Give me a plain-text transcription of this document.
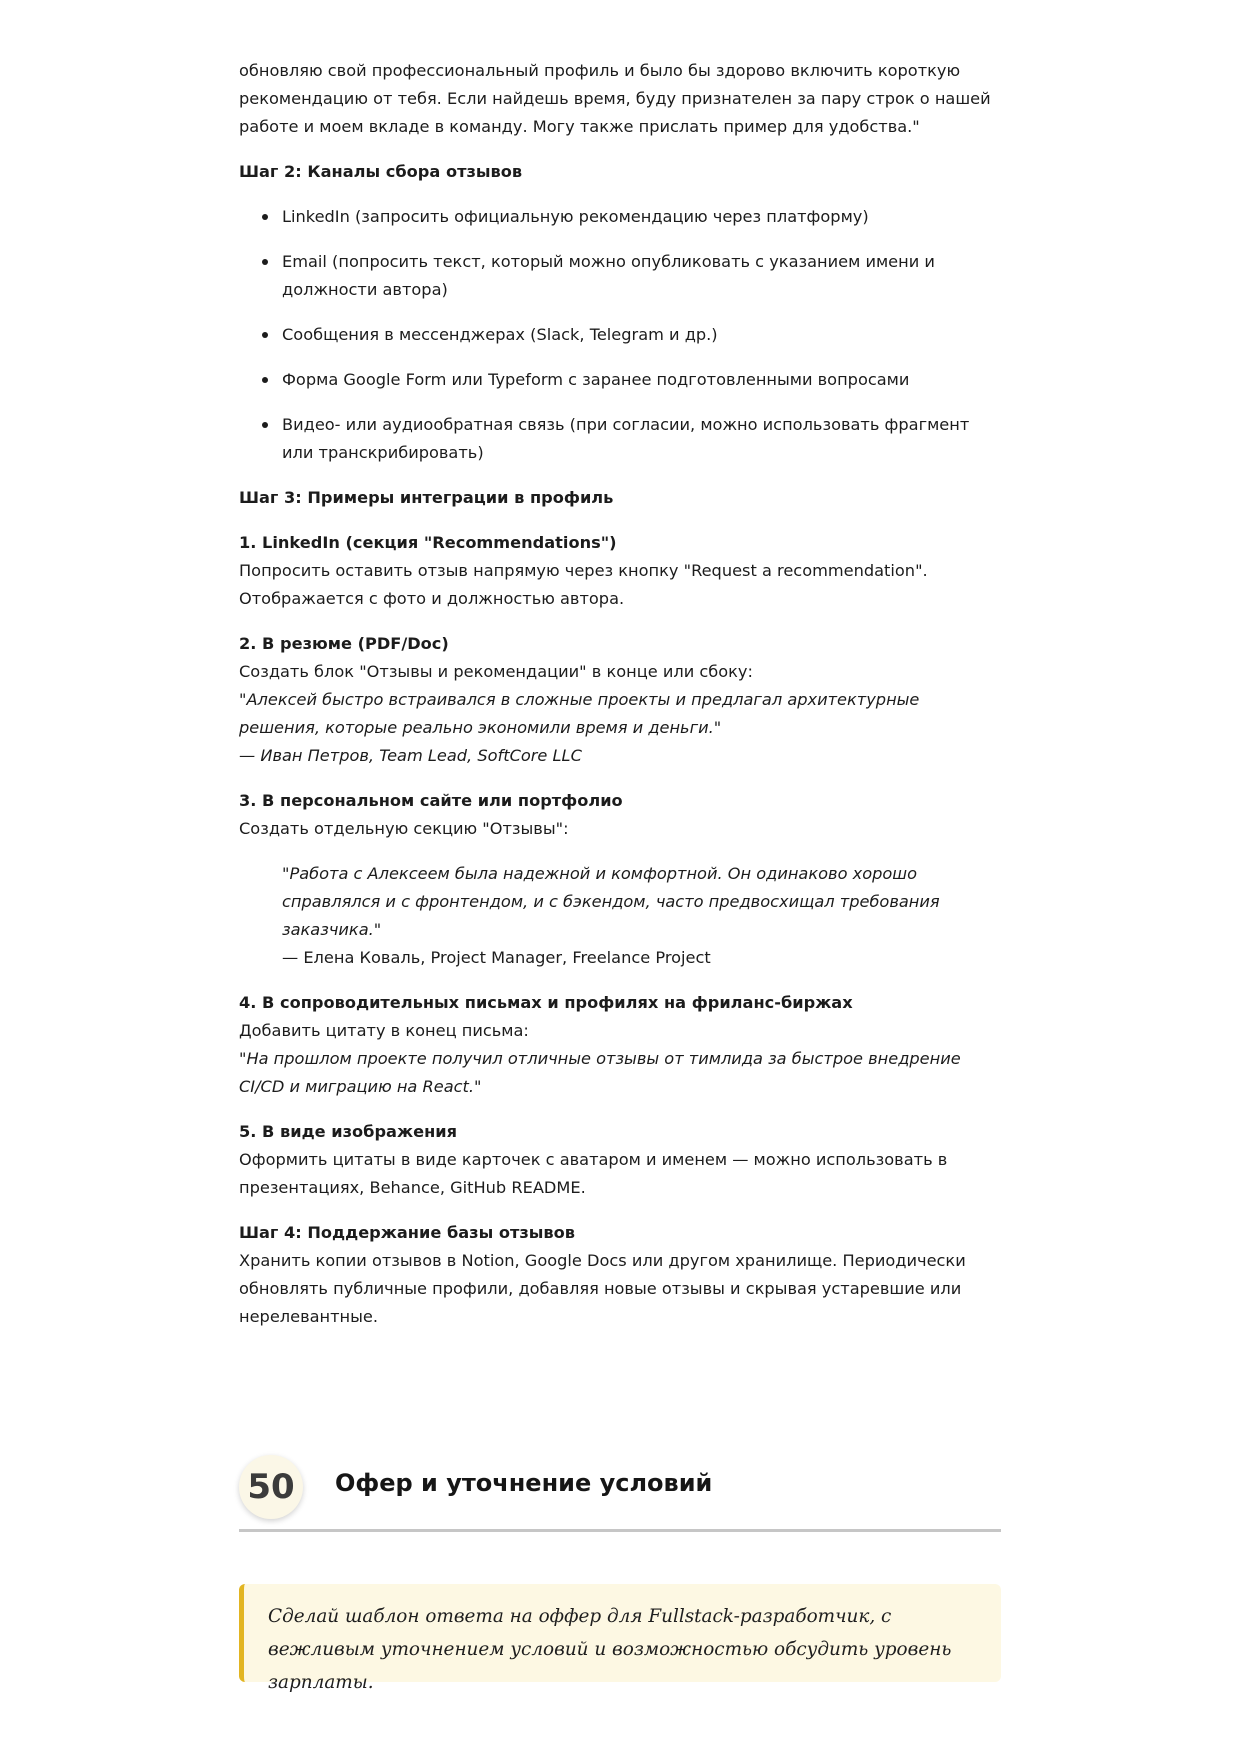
обновляю свой профессиональный профиль и было бы здорово включить короткую рекомендацию от тебя. Если найдешь время, буду признателен за пару строк о нашей работе и моем вкладе в команду. Могу также прислать пример для удобства."

Шаг 2: Каналы сбора отзывов

LinkedIn (запросить официальную рекомендацию через платформу)
Email (попросить текст, который можно опубликовать с указанием имени и должности автора)
Сообщения в мессенджерах (Slack, Telegram и др.)
Форма Google Form или Typeform с заранее подготовленными вопросами
Видео- или аудиообратная связь (при согласии, можно использовать фрагмент или транскрибировать)

Шаг 3: Примеры интеграции в профиль

1. LinkedIn (секция "Recommendations")

Попросить оставить отзыв напрямую через кнопку "Request a recommendation".

Отображается с фото и должностью автора.

2. В резюме (PDF/Doc)

Создать блок "Отзывы и рекомендации" в конце или сбоку:

"Алексей быстро встраивался в сложные проекты и предлагал архитектурные решения, которые реально экономили время и деньги."

— Иван Петров, Team Lead, SoftCore LLC

3. В персональном сайте или портфолио

Создать отдельную секцию "Отзывы":

"Работа с Алексеем была надежной и комфортной. Он одинаково хорошо справлялся и с фронтендом, и с бэкендом, часто предвосхищал требования заказчика."

— Елена Коваль, Project Manager, Freelance Project

4. В сопроводительных письмах и профилях на фриланс-биржах

Добавить цитату в конец письма:

"На прошлом проекте получил отличные отзывы от тимлида за быстрое внедрение CI/CD и миграцию на React."

5. В виде изображения

Оформить цитаты в виде карточек с аватаром и именем — можно использовать в презентациях, Behance, GitHub README.

Шаг 4: Поддержание базы отзывов

Хранить копии отзывов в Notion, Google Docs или другом хранилище. Периодически обновлять публичные профили, добавляя новые отзывы и скрывая устаревшие или нерелевантные.

50	Офер и уточнение условий

Сделай шаблон ответа на оффер для Fullstack-разработчик, с вежливым уточнением условий и возможностью обсудить уровень зарплаты.
